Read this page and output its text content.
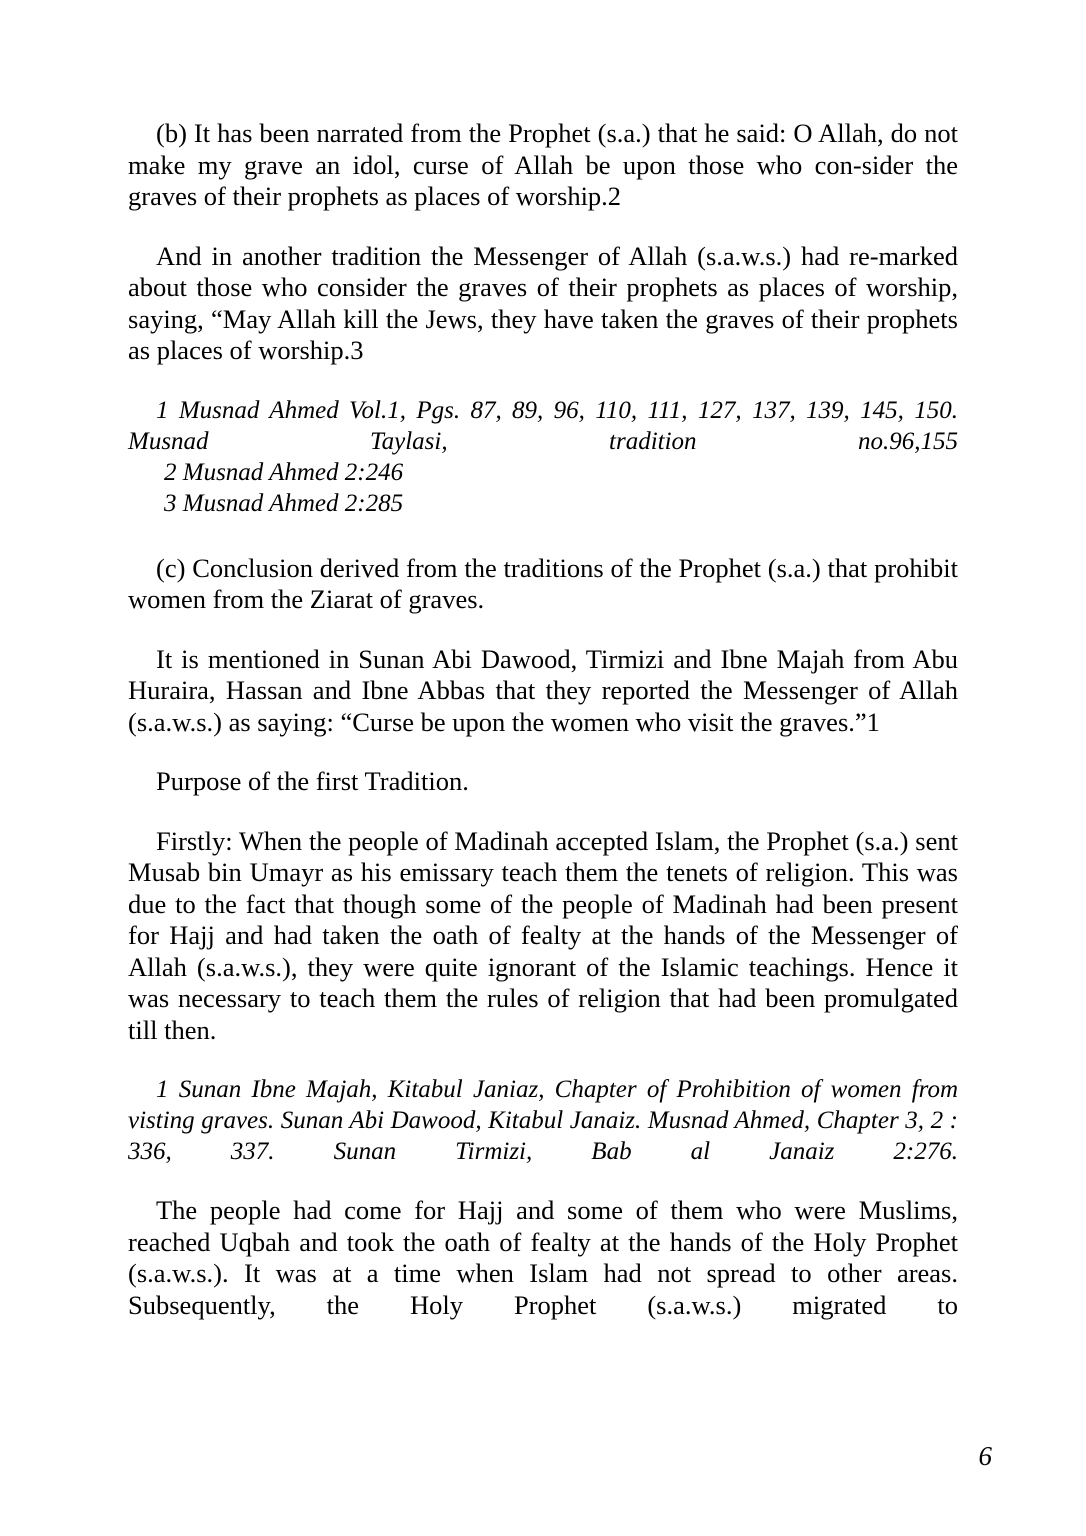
(b) It has been narrated from the Prophet (s.a.) that he said: O Allah, do not make my grave an idol, curse of Allah be upon those who con-sider the graves of their prophets as places of worship.2

And in another tradition the Messenger of Allah (s.a.w.s.) had re-marked about those who consider the graves of their prophets as places of worship, saying, “May Allah kill the Jews, they have taken the graves of their prophets as places of worship.3

1 Musnad Ahmed Vol.1, Pgs. 87, 89, 96, 110, 111, 127, 137, 139, 145, 150. Musnad Taylasi, tradition no.96,155

2 Musnad Ahmed 2:246

3 Musnad Ahmed 2:285

(c) Conclusion derived from the traditions of the Prophet (s.a.) that prohibit women from the Ziarat of graves.

It is mentioned in Sunan Abi Dawood, Tirmizi and Ibne Majah from Abu Huraira, Hassan and Ibne Abbas that they reported the Messenger of Allah (s.a.w.s.) as saying: “Curse be upon the women who visit the graves.”1

Purpose of the first Tradition.

Firstly: When the people of Madinah accepted Islam, the Prophet (s.a.) sent Musab bin Umayr as his emissary teach them the tenets of religion. This was due to the fact that though some of the people of Madinah had been present for Hajj and had taken the oath of fealty at the hands of the Messenger of Allah (s.a.w.s.), they were quite ignorant of the Islamic teachings. Hence it was necessary to teach them the rules of religion that had been promulgated till then.

1 Sunan Ibne Majah, Kitabul Janiaz, Chapter of Prohibition of women from visting graves. Sunan Abi Dawood, Kitabul Janaiz. Musnad Ahmed, Chapter 3, 2 : 336, 337. Sunan Tirmizi, Bab al Janaiz 2:276.

The people had come for Hajj and some of them who were Muslims, reached Uqbah and took the oath of fealty at the hands of the Holy Prophet (s.a.w.s.). It was at a time when Islam had not spread to other areas. Subsequently, the Holy Prophet (s.a.w.s.) migrated to

6
